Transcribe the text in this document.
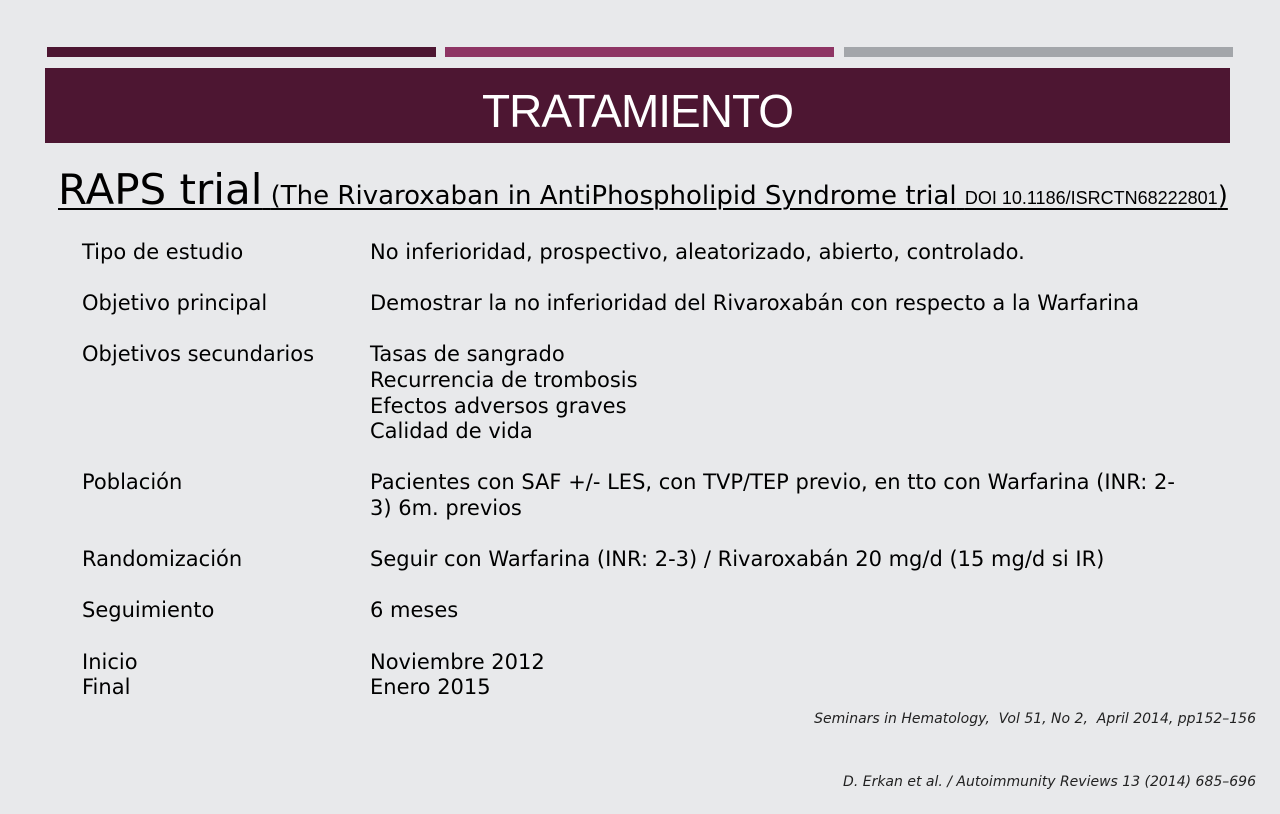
TRATAMIENTO
RAPS trial (The Rivaroxaban in AntiPhospholipid Syndrome trial DOI 10.1186/ISRCTN68222801)
Tipo de estudio	No inferioridad, prospectivo, aleatorizado, abierto, controlado.
Objetivo principal	Demostrar la no inferioridad del Rivaroxabán con respecto a la Warfarina
Objetivos secundarios	Tasas de sangrado
Recurrencia de trombosis
Efectos adversos graves
Calidad de vida
Población	Pacientes con SAF +/- LES, con TVP/TEP previo, en tto con Warfarina (INR: 2-3) 6m. previos
Randomización	Seguir con Warfarina (INR: 2-3) / Rivaroxabán 20 mg/d (15 mg/d si IR)
Seguimiento	6 meses
Inicio	Noviembre 2012
Final	Enero 2015

Seminars in Hematology,  Vol 51, No 2,  April 2014, pp152–156

D. Erkan et al. / Autoimmunity Reviews 13 (2014) 685–696
